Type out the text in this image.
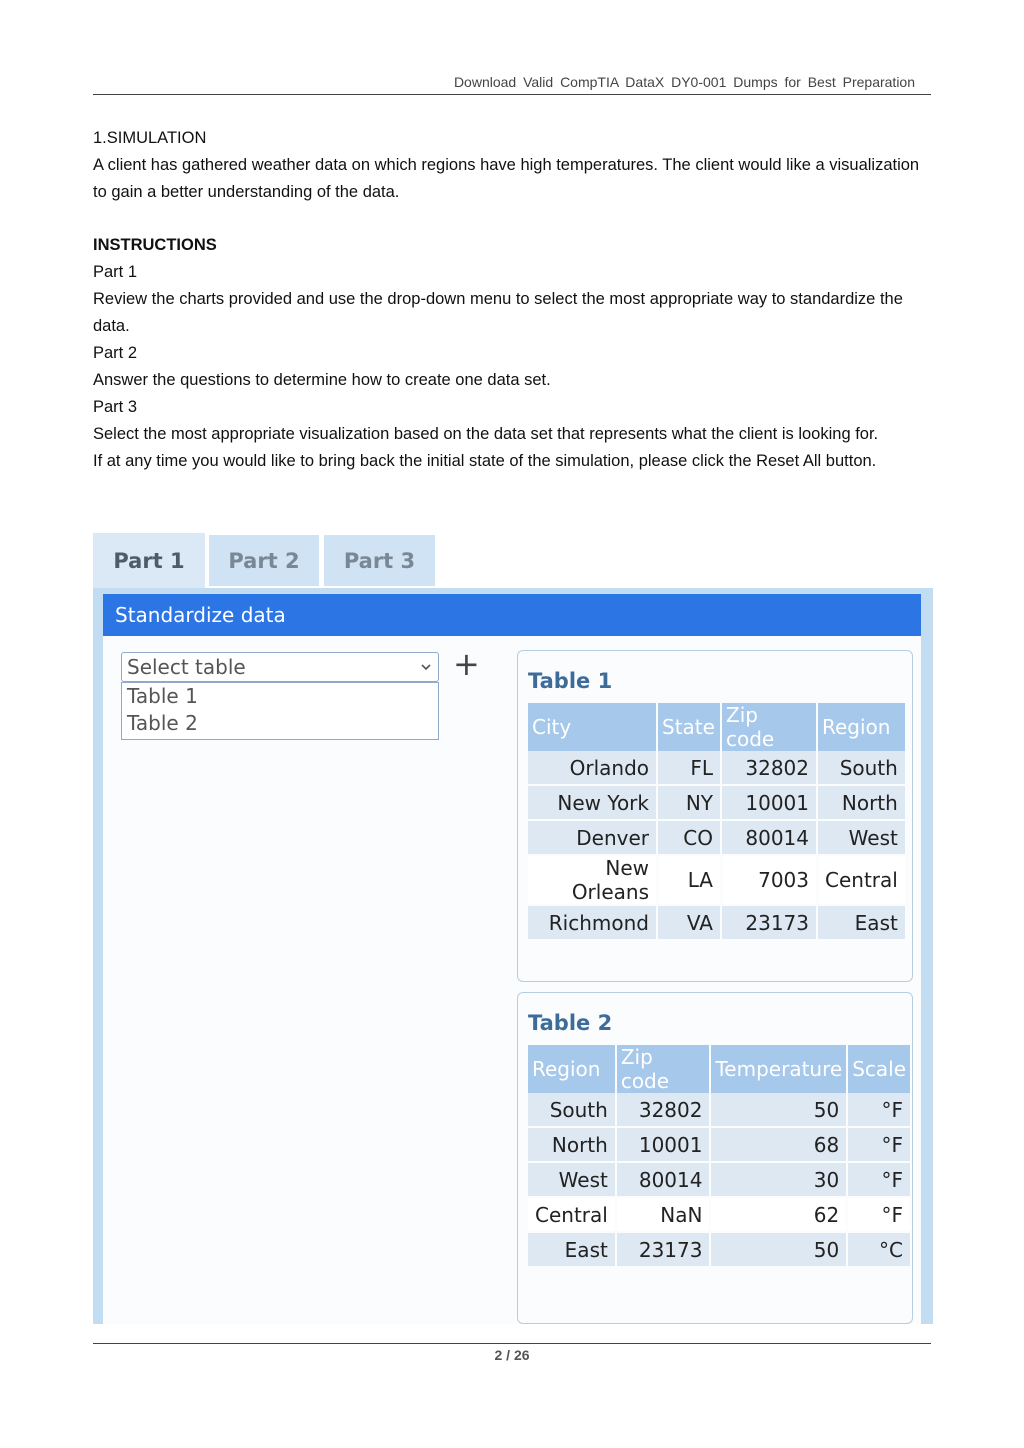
Download Valid CompTIA DataX DY0-001 Dumps for Best Preparation

1.SIMULATION

A client has gathered weather data on which regions have high temperatures. The client would like a visualization to gain a better understanding of the data.

INSTRUCTIONS

Part 1

Review the charts provided and use the drop-down menu to select the most appropriate way to standardize the data.

Part 2

Answer the questions to determine how to create one data set.

Part 3

Select the most appropriate visualization based on the data set that represents what the client is looking for.

If at any time you would like to bring back the initial state of the simulation, please click the Reset All button.

Part 1	Part 2	Part 3
Standardize data
Select table	+
Table 1
Table 2
Table 1
City	State	Zip code	Region
Orlando	FL	32802	South
New York	NY	10001	North
Denver	CO	80014	West
New Orleans	LA	7003	Central
Richmond	VA	23173	East
Table 2
Region	Zip code	Temperature	Scale
South	32802	50	°F
North	10001	68	°F
West	80014	30	°F
Central	NaN	62	°F
East	23173	50	°C
2 / 26
